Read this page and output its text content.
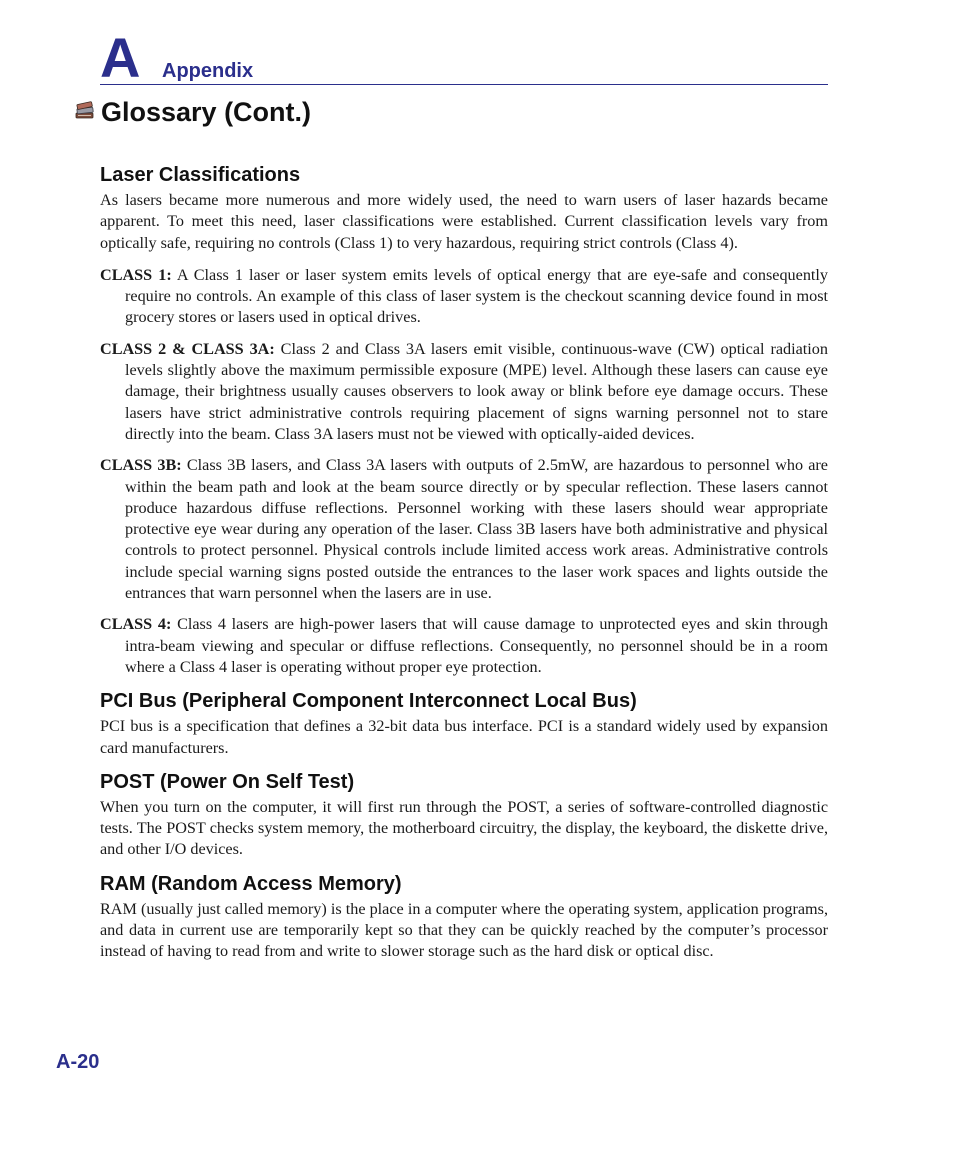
A Appendix
Glossary (Cont.)
Laser Classifications

As lasers became more numerous and more widely used, the need to warn users of laser hazards became apparent. To meet this need, laser classifications were established. Current classification levels vary from optically safe, requiring no controls (Class 1) to very hazardous, requiring strict controls (Class 4).

CLASS 1: A Class 1 laser or laser system emits levels of optical energy that are eye-safe and consequently require no controls. An example of this class of laser system is the checkout scanning device found in most grocery stores or lasers used in optical drives.

CLASS 2 & CLASS 3A: Class 2 and Class 3A lasers emit visible, continuous-wave (CW) optical radiation levels slightly above the maximum permissible exposure (MPE) level. Although these lasers can cause eye damage, their brightness usually causes observers to look away or blink before eye damage occurs. These lasers have strict administrative controls requiring placement of signs warning personnel not to stare directly into the beam. Class 3A lasers must not be viewed with optically-aided devices.

CLASS 3B: Class 3B lasers, and Class 3A lasers with outputs of 2.5mW, are hazardous to personnel who are within the beam path and look at the beam source directly or by specular reflection. These lasers cannot produce hazardous diffuse reflections. Personnel working with these lasers should wear appropriate protective eye wear during any operation of the laser. Class 3B lasers have both administrative and physical controls to protect personnel. Physical controls include limited access work areas. Administrative controls include special warning signs posted outside the entrances to the laser work spaces and lights outside the entrances that warn personnel when the lasers are in use.

CLASS 4: Class 4 lasers are high-power lasers that will cause damage to unprotected eyes and skin through intra-beam viewing and specular or diffuse reflections. Consequently, no personnel should be in a room where a Class 4 laser is operating without proper eye protection.

PCI Bus (Peripheral Component Interconnect Local Bus)

PCI bus is a specification that defines a 32-bit data bus interface. PCI is a standard widely used by expansion card manufacturers.

POST (Power On Self Test)

When you turn on the computer, it will first run through the POST, a series of software-controlled diagnostic tests. The POST checks system memory, the motherboard circuitry, the display, the keyboard, the diskette drive, and other I/O devices.

RAM (Random Access Memory)

RAM (usually just called memory) is the place in a computer where the operating system, application programs, and data in current use are temporarily kept so that they can be quickly reached by the computer’s processor instead of having to read from and write to slower storage such as the hard disk or optical disc.

A-20
